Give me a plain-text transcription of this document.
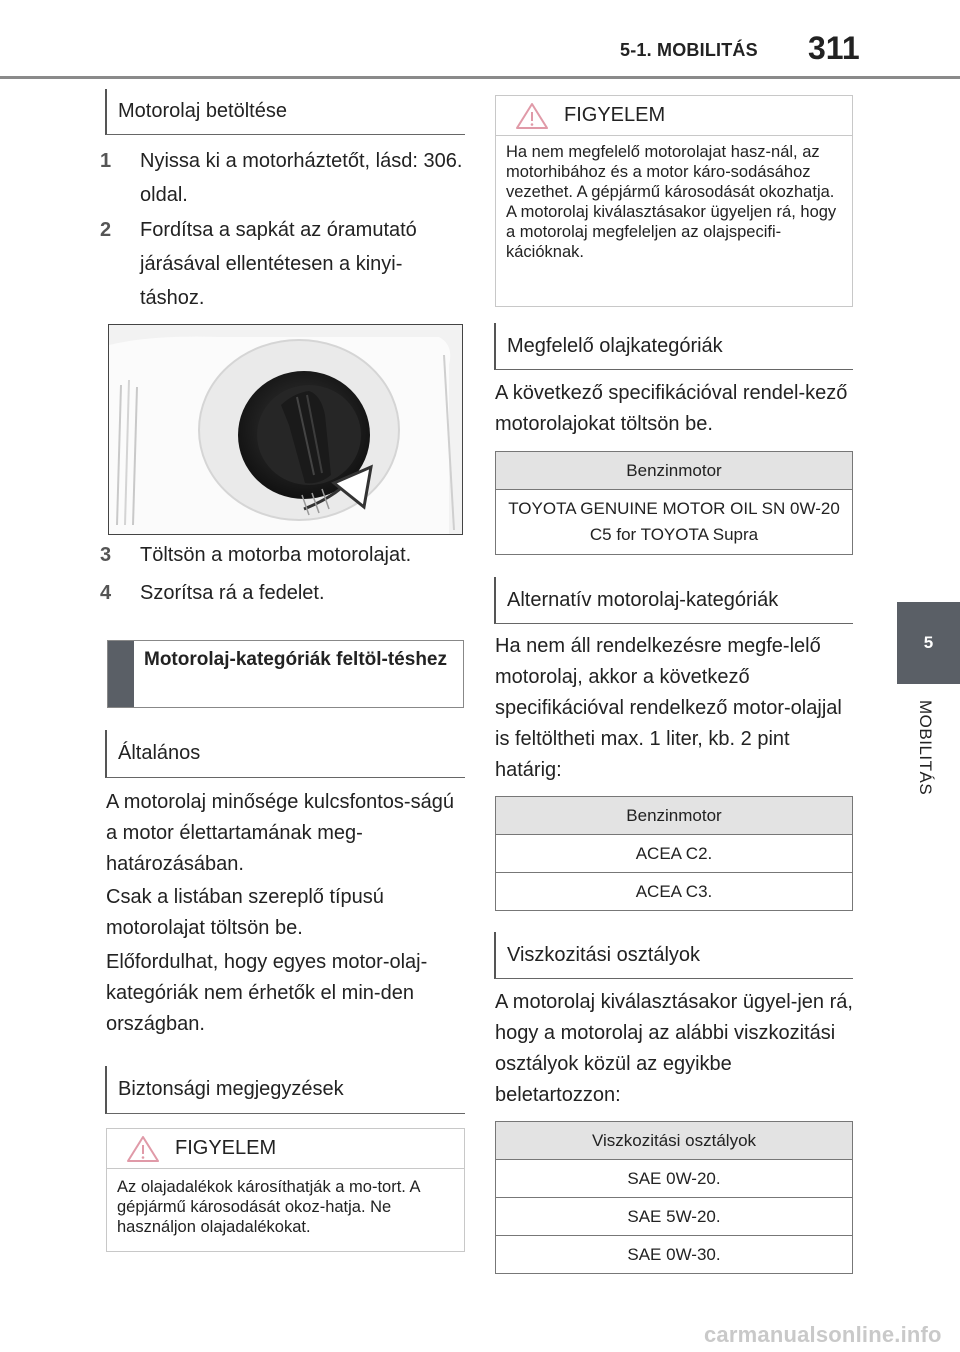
5-1. MOBILITÁS 311
5
MOBILITÁS
Motorolaj betöltése
1	Nyissa ki a motorháztetőt, lásd: 306. oldal.
2	Fordítsa a sapkát az óramutató járásával ellentétesen a kinyi-táshoz.
3	Töltsön a motorba motorolajat.
4	Szorítsa rá a fedelet.
Motorolaj-kategóriák feltöl-téshez
Általános
A motorolaj minősége kulcsfontos-ságú a motor élettartamának meg-határozásában.
Csak a listában szereplő típusú motorolajat töltsön be.
Előfordulhat, hogy egyes motor-olaj-kategóriák nem érhetők el min-den országban.
Biztonsági megjegyzések
FIGYELEM
Az olajadalékok károsíthatják a mo-tort. A gépjármű károsodását okoz-hatja. Ne használjon olajadalékokat.
FIGYELEM
Ha nem megfelelő motorolajat hasz-nál, az motorhibához és a motor káro-sodásához vezethet. A gépjármű károsodását okozhatja. A motorolaj kiválasztásakor ügyeljen rá, hogy a motorolaj megfeleljen az olajspecifi-kációknak.
Megfelelő olajkategóriák
A következő specifikációval rendel-kező motorolajokat töltsön be.
Benzinmotor
TOYOTA GENUINE MOTOR OIL SN 0W-20 C5 for TOYOTA Supra
Alternatív motorolaj-kategóriák
Ha nem áll rendelkezésre megfe-lelő motorolaj, akkor a következő specifikációval rendelkező motor-olajjal is feltöltheti max. 1 liter, kb. 2 pint határig:
Benzinmotor
ACEA C2.
ACEA C3.
Viszkozitási osztályok
A motorolaj kiválasztásakor ügyel-jen rá, hogy a motorolaj az alábbi viszkozitási osztályok közül az egyikbe beletartozzon:
Viszkozitási osztályok
SAE 0W-20.
SAE 5W-20.
SAE 0W-30.
carmanualsonline.info
